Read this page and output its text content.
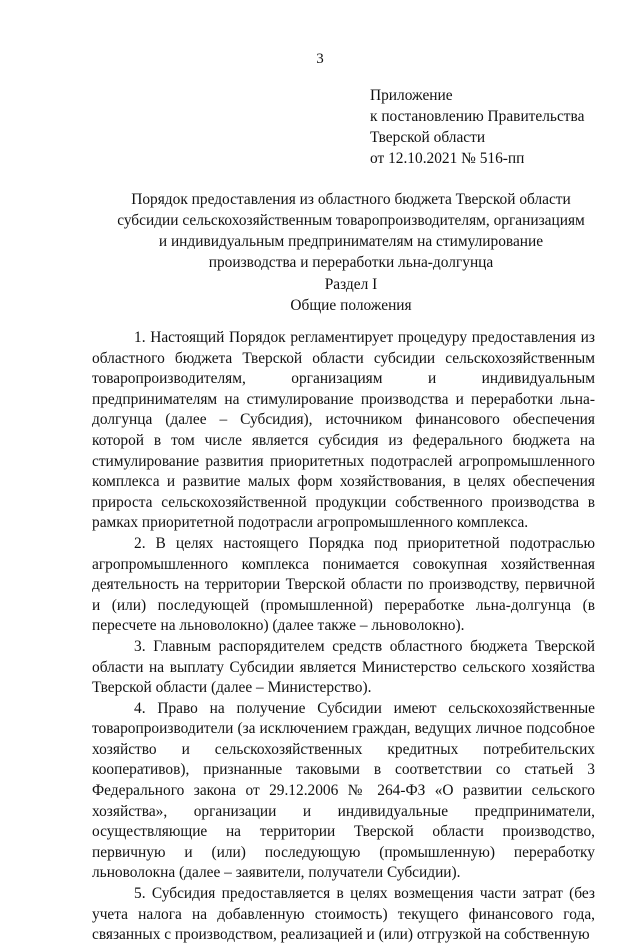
3
Приложение
к постановлению Правительства
Тверской области
от 12.10.2021 № 516-пп
Порядок предоставления из областного бюджета Тверской области
субсидии сельскохозяйственным товаропроизводителям, организациям
и индивидуальным предпринимателям на стимулирование
производства и переработки льна-долгунца
Раздел I
Общие положения

1. Настоящий Порядок регламентирует процедуру предоставления из областного бюджета Тверской области субсидии сельскохозяйственным товаропроизводителям, организациям и индивидуальным предпринимателям на стимулирование производства и переработки льна-долгунца (далее – Субсидия), источником финансового обеспечения которой в том числе является субсидия из федерального бюджета на стимулирование развития приоритетных подотраслей агропромышленного комплекса и развитие малых форм хозяйствования, в целях обеспечения прироста сельскохозяйственной продукции собственного производства в рамках приоритетной подотрасли агропромышленного комплекса.

2. В целях настоящего Порядка под приоритетной подотраслью агропромышленного комплекса понимается совокупная хозяйственная деятельность на территории Тверской области по производству, первичной и (или) последующей (промышленной) переработке льна-долгунца (в пересчете на льноволокно) (далее также – льноволокно).

3. Главным распорядителем средств областного бюджета Тверской области на выплату Субсидии является Министерство сельского хозяйства Тверской области (далее – Министерство).

4. Право на получение Субсидии имеют сельскохозяйственные товаропроизводители (за исключением граждан, ведущих личное подсобное хозяйство и сельскохозяйственных кредитных потребительских кооперативов), признанные таковыми в соответствии со статьей 3 Федерального закона от 29.12.2006 № 264-ФЗ «О развитии сельского хозяйства», организации и индивидуальные предприниматели, осуществляющие на территории Тверской области производство, первичную и (или) последующую (промышленную) переработку льноволокна (далее – заявители, получатели Субсидии).

5. Субсидия предоставляется в целях возмещения части затрат (без учета налога на добавленную стоимость) текущего финансового года, связанных с производством, реализацией и (или) отгрузкой на собственную
